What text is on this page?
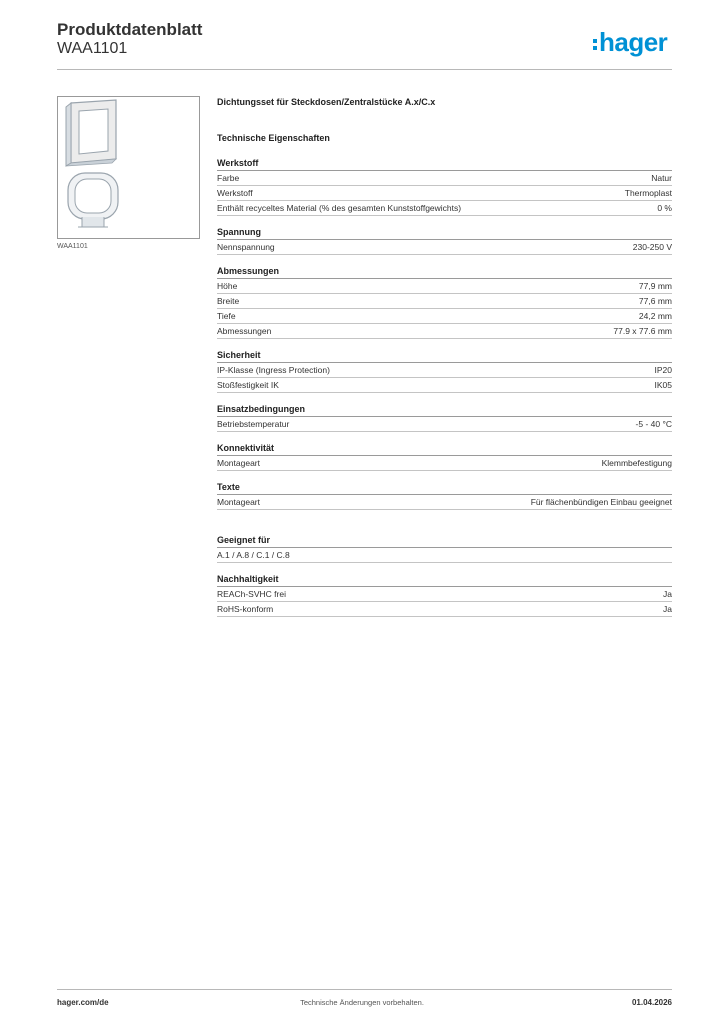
Produktdatenblatt
WAA1101	hager
WAA1101
Dichtungsset für Steckdosen/Zentralstücke A.x/C.x
Technische Eigenschaften
Werkstoff
Farbe	Natur
Werkstoff	Thermoplast
Enthält recyceltes Material (% des gesamten Kunststoffgewichts)	0 %
Spannung
Nennspannung	230-250 V
Abmessungen
Höhe	77,9 mm
Breite	77,6 mm
Tiefe	24,2 mm
Abmessungen	77.9 x 77.6 mm
Sicherheit
IP-Klasse (Ingress Protection)	IP20
Stoßfestigkeit IK	IK05
Einsatzbedingungen
Betriebstemperatur	-5 - 40 °C
Konnektivität
Montageart	Klemmbefestigung
Texte
Montageart	Für flächenbündigen Einbau geeignet
Geeignet für
A.1 / A.8 / C.1 / C.8
Nachhaltigkeit
REACh-SVHC frei	Ja
RoHS-konform	Ja
hager.com/de	Technische Änderungen vorbehalten.	01.04.2026
